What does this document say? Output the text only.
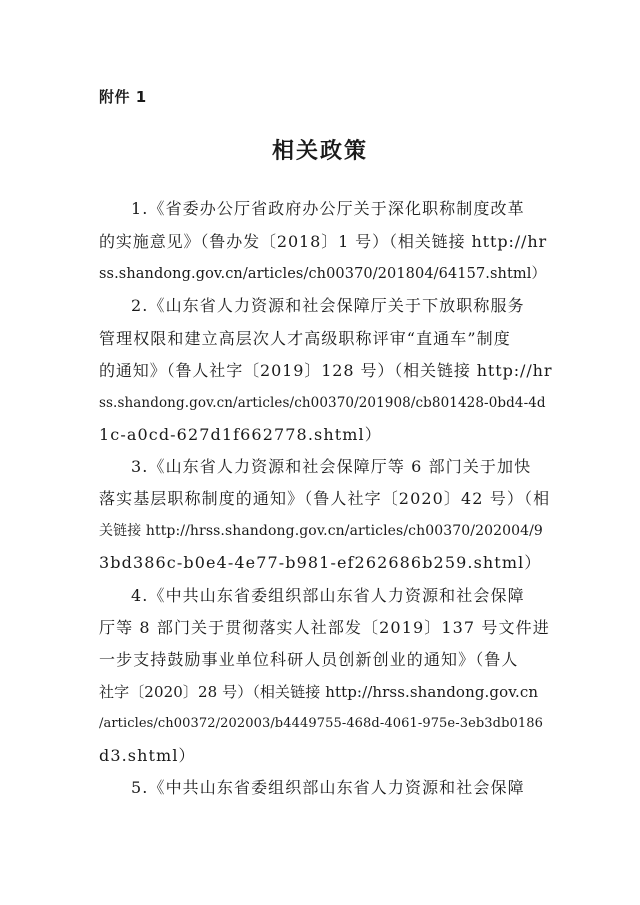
附件 1
相关政策
1.《省委办公厅省政府办公厅关于深化职称制度改革
的实施意见》（鲁办发〔2018〕1 号）（相关链接 http://hr
ss.shandong.gov.cn/articles/ch00370/201804/64157.shtml）
2.《山东省人力资源和社会保障厅关于下放职称服务
管理权限和建立高层次人才高级职称评审“直通车”制度
的通知》（鲁人社字〔2019〕128 号）（相关链接 http://hr
ss.shandong.gov.cn/articles/ch00370/201908/cb801428-0bd4-4d
1c-a0cd-627d1f662778.shtml）
3.《山东省人力资源和社会保障厅等 6 部门关于加快
落实基层职称制度的通知》（鲁人社字〔2020〕42 号）（相
关链接 http://hrss.shandong.gov.cn/articles/ch00370/202004/9
3bd386c-b0e4-4e77-b981-ef262686b259.shtml）
4.《中共山东省委组织部山东省人力资源和社会保障
厅等 8 部门关于贯彻落实人社部发〔2019〕137 号文件进
一步支持鼓励事业单位科研人员创新创业的通知》（鲁人
社字〔2020〕28 号）（相关链接 http://hrss.shandong.gov.cn
/articles/ch00372/202003/b4449755-468d-4061-975e-3eb3db0186
d3.shtml）
5.《中共山东省委组织部山东省人力资源和社会保障
